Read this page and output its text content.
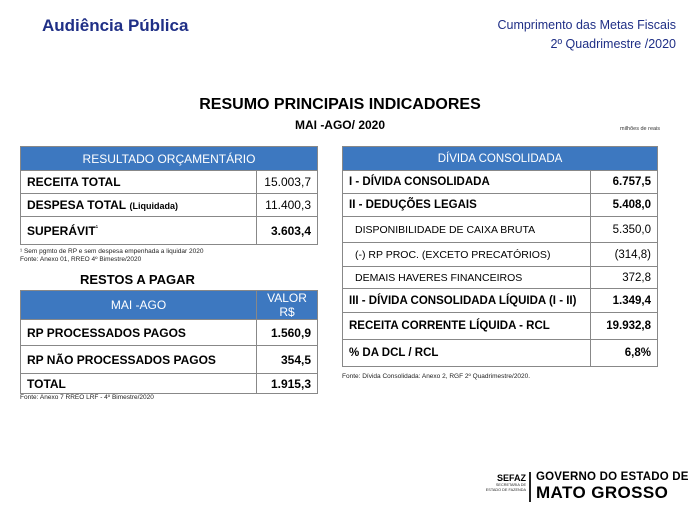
Audiência Pública	Cumprimento das Metas Fiscais
2º Quadrimestre /2020
RESUMO PRINCIPAIS INDICADORES
MAI -AGO/ 2020	milhões de reais
RESULTADO ORÇAMENTÁRIO	
RECEITA TOTAL	15.003,7
DESPESA TOTAL (Liquidada)	11.400,3
$SUPERÁVIT^{^1}$	3.603,4
¹ Sem pgmto de RP e sem despesa empenhada a liquidar 2020
Fonte: Anexo 01, RREO 4º Bimestre/2020
RESTOS A PAGAR
MAI -AGO	VALOR R$
RP PROCESSADOS PAGOS	1.560,9
RP NÃO PROCESSADOS PAGOS	354,5
TOTAL	1.915,3
Fonte: Anexo 7 RREO LRF - 4º Bimestre/2020
DÍVIDA CONSOLIDADA	
I - DÍVIDA CONSOLIDADA	6.757,5
II - DEDUÇÕES LEGAIS	5.408,0
DISPONIBILIDADE DE CAIXA BRUTA	5.350,0
(-) RP PROC. (EXCETO PRECATÓRIOS)	(314,8)
DEMAIS HAVERES FINANCEIROS	372,8
III - DÍVIDA CONSOLIDADA LÍQUIDA (I - II)	1.349,4
RECEITA CORRENTE LÍQUIDA - RCL	19.932,8
% DA DCL / RCL	6,8%
Fonte: Dívida Consolidada: Anexo 2, RGF 2º Quadrimestre/2020.
SEFAZ
SECRETARIA DE
ESTADO DE FAZENDA
GOVERNO DO ESTADO DE
MATO GROSSO
